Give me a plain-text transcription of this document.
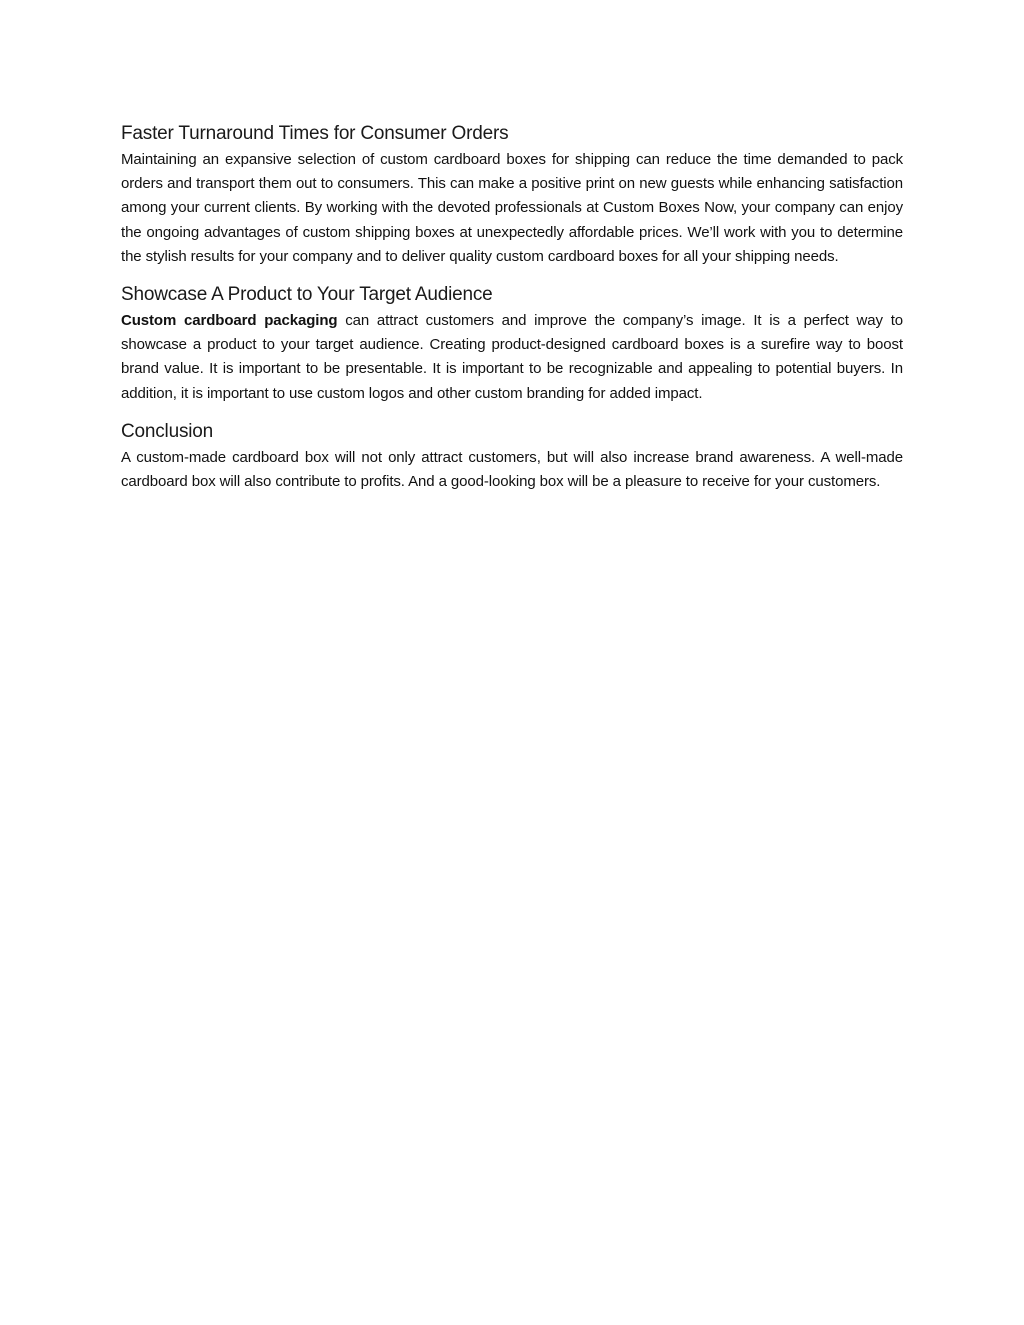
Faster Turnaround Times for Consumer Orders

Maintaining an expansive selection of custom cardboard boxes for shipping can reduce the time demanded to pack orders and transport them out to consumers. This can make a positive print on new guests while enhancing satisfaction among your current clients. By working with the devoted professionals at Custom Boxes Now, your company can enjoy the ongoing advantages of custom shipping boxes at unexpectedly affordable prices. We’ll work with you to determine the stylish results for your company and to deliver quality custom cardboard boxes for all your shipping needs.

Showcase A Product to Your Target Audience

Custom cardboard packaging can attract customers and improve the company’s image. It is a perfect way to showcase a product to your target audience. Creating product-designed cardboard boxes is a surefire way to boost brand value. It is important to be presentable. It is important to be recognizable and appealing to potential buyers. In addition, it is important to use custom logos and other custom branding for added impact.

Conclusion

A custom-made cardboard box will not only attract customers, but will also increase brand awareness. A well-made cardboard box will also contribute to profits. And a good-looking box will be a pleasure to receive for your customers.
